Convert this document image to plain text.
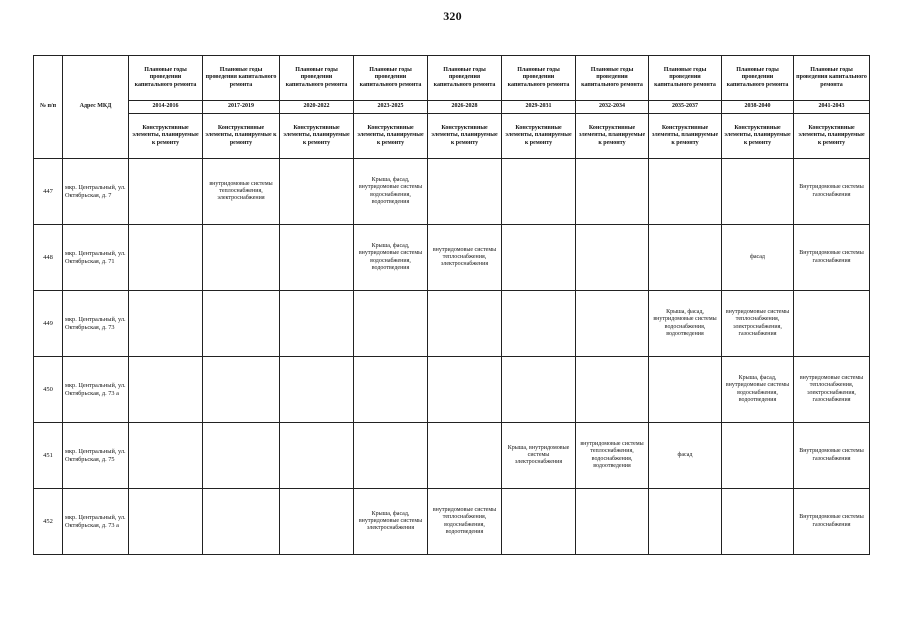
320
№ п/п	Адрес МКД	Плановые годы проведении капитального ремонта	Плановые годы проведения капитального ремонта	Плановые годы проведении капитального ремонта	Плановые годы проведении капитального ремонта	Плановые годы проведения капитального ремонта	Плановые годы проведении капитального ремонта	Плановые годы проведении капитального ремонта	Плановые годы проведении капитального ремонта	Плановые годы проведении капитального ремонта	Плановые годы проведения капитального ремонта
		2014-2016	2017-2019	2020-2022	2023-2025	2026-2028	2029-2031	2032-2034	2035-2037	2038-2040	2041-2043
		Конструктивные элементы, планируемые к ремонту	Конструктивные элементы, планируемые к ремонту	Конструктивные элементы, планируемые к ремонту	Конструктивные элементы, планируемые к ремонту	Конструктивные элементы, планируемые к ремонту	Конструктивные элементы, планируемые к ремонту	Конструктивные элементы, планируемые к ремонту	Конструктивные элементы, планируемые к ремонту	Конструктивные элементы, планируемые к ремонту	Конструктивные элементы, планируемые к ремонту
447	мкр. Центральный, ул. Октябрьская, д. 7		внутридомовые системы теплоснабжения, электроснабжения		Крыша, фасад, внутридомовые системы водоснабжения, водоотведения						Внутридомовые системы газоснабжения
448	мкр. Центральный, ул. Октябрьская, д. 71				Крыша, фасад, внутридомовые системы водоснабжения, водоотведения	внутридомовые системы теплоснабжения, электроснабжения				фасад	Внутридомовые системы газоснабжения
449	мкр. Центральный, ул. Октябрьская, д. 73								Крыша, фасад, внутридомовые системы водоснабжения, водоотведения	внутридомовые системы теплоснабжения, электроснабжения, газоснабжения	
450	мкр. Центральный, ул. Октябрьская, д. 73 а									Крыша, фасад, внутридомовые системы водоснабжения, водоотведения	внутридомовые системы теплоснабжения, электроснабжения, газоснабжения
451	мкр. Центральный, ул. Октябрьская, д. 75						Крыша, внутридомовые системы электроснабжения	внутридомовые системы теплоснабжения, водоснабжения, водоотведения	фасад		Внутридомовые системы газоснабжения
452	мкр. Центральный, ул. Октябрьская, д. 73 а				Крыша, фасад, внутридомовые системы электроснабжения	внутридомовые системы теплоснабжения, водоснабжения, водоотведения					Внутридомовые системы газоснабжения
